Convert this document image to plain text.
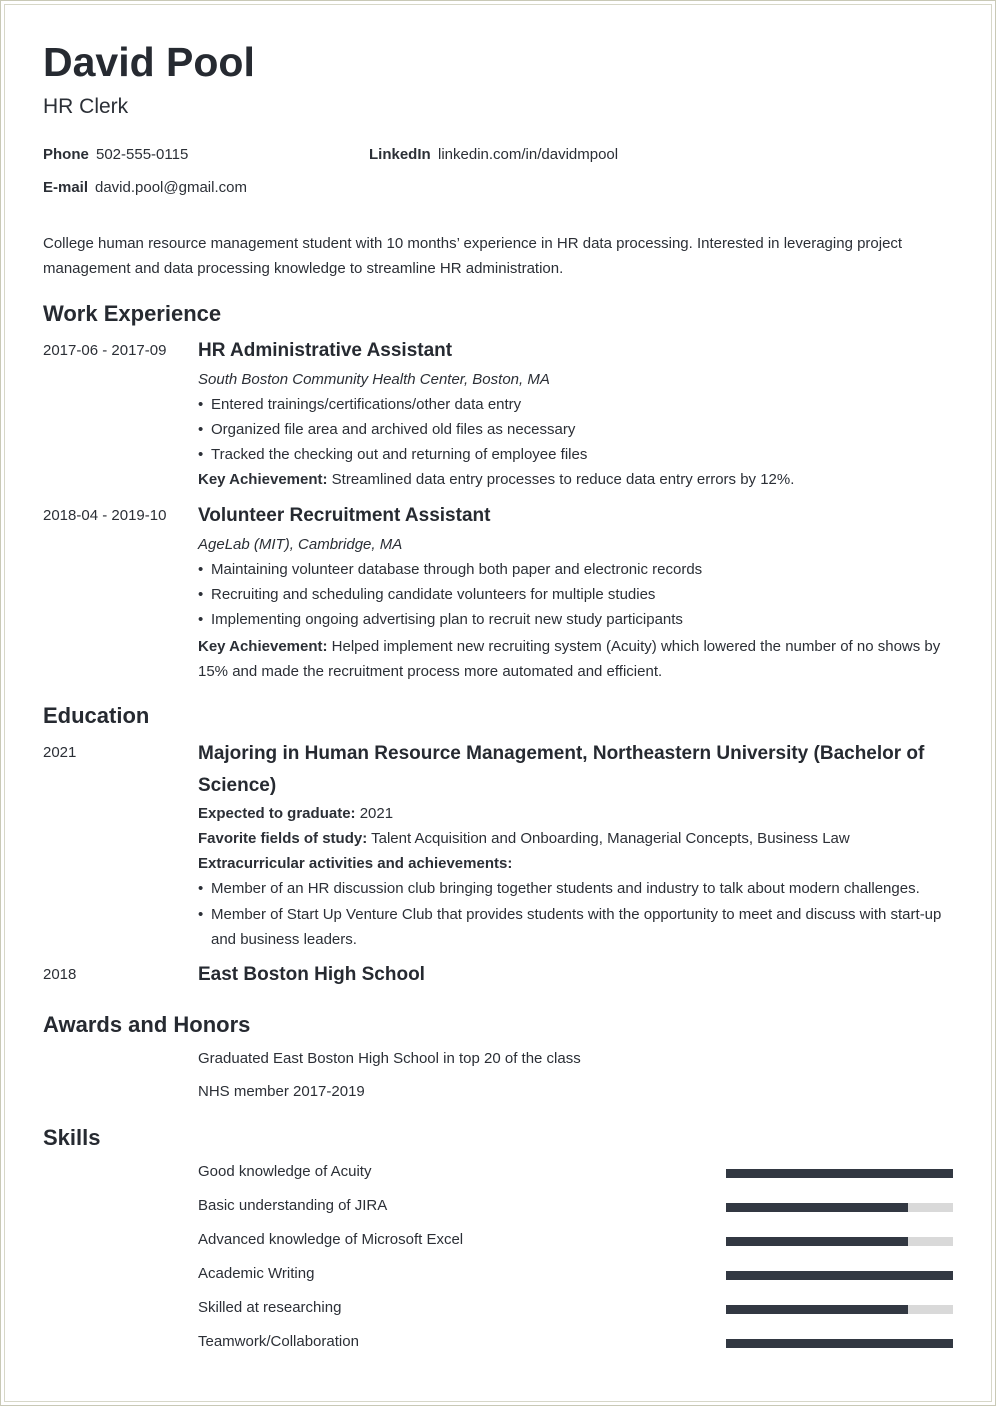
David Pool
HR Clerk
Phone 502-555-0115	LinkedIn linkedin.com/in/davidmpool
E-mail david.pool@gmail.com
College human resource management student with 10 months’ experience in HR data processing. Interested in leveraging project management and data processing knowledge to streamline HR administration.
Work Experience
2017-06 - 2017-09 HR Administrative Assistant
South Boston Community Health Center, Boston, MA
• Entered trainings/certifications/other data entry
• Organized file area and archived old files as necessary
• Tracked the checking out and returning of employee files
Key Achievement: Streamlined data entry processes to reduce data entry errors by 12%.
2018-04 - 2019-10 Volunteer Recruitment Assistant
AgeLab (MIT), Cambridge, MA
• Maintaining volunteer database through both paper and electronic records
• Recruiting and scheduling candidate volunteers for multiple studies
• Implementing ongoing advertising plan to recruit new study participants
Key Achievement: Helped implement new recruiting system (Acuity) which lowered the number of no shows by 15% and made the recruitment process more automated and efficient.
Education
2021	Majoring in Human Resource Management, Northeastern University (Bachelor of Science)
Expected to graduate: 2021
Favorite fields of study: Talent Acquisition and Onboarding, Managerial Concepts, Business Law
Extracurricular activities and achievements:
• Member of an HR discussion club bringing together students and industry to talk about modern challenges.
• Member of Start Up Venture Club that provides students with the opportunity to meet and discuss with start-up and business leaders.
2018	East Boston High School
Awards and Honors
Graduated East Boston High School in top 20 of the class
NHS member 2017-2019
Skills
Good knowledge of Acuity
Basic understanding of JIRA
Advanced knowledge of Microsoft Excel
Academic Writing
Skilled at researching
Teamwork/Collaboration
